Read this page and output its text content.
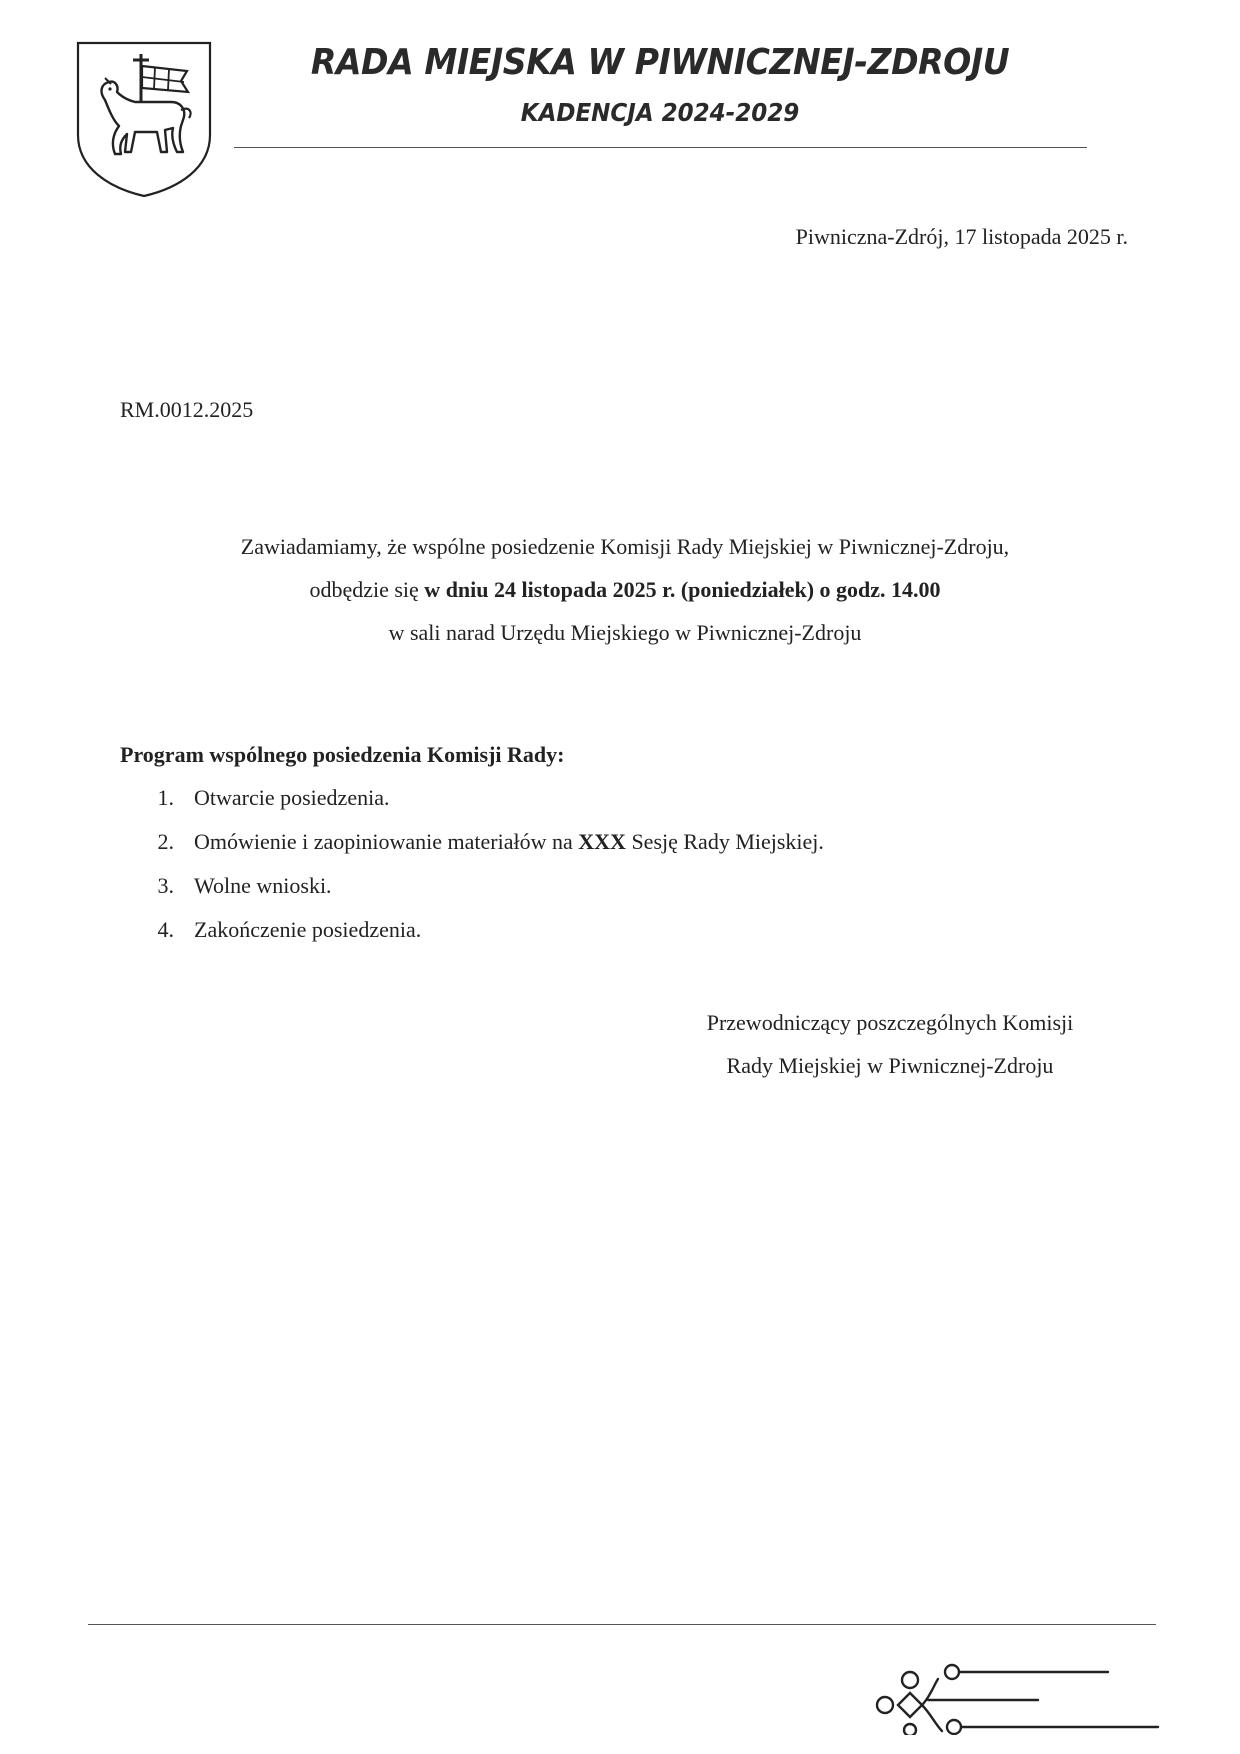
RADA MIEJSKA W PIWNICZNEJ-ZDROJU
KADENCJA 2024-2029
Piwniczna-Zdrój, 17 listopada 2025 r.
RM.0012.2025
Zawiadamiamy, że wspólne posiedzenie Komisji Rady Miejskiej w Piwnicznej-Zdroju,
odbędzie się w dniu 24 listopada 2025 r. (poniedziałek) o godz. 14.00
w sali narad Urzędu Miejskiego w Piwnicznej-Zdroju
Program wspólnego posiedzenia Komisji Rady:
1. Otwarcie posiedzenia.
2. Omówienie i zaopiniowanie materiałów na XXX Sesję Rady Miejskiej.
3. Wolne wnioski.
4. Zakończenie posiedzenia.
Przewodniczący poszczególnych Komisji
Rady Miejskiej w Piwnicznej-Zdroju
